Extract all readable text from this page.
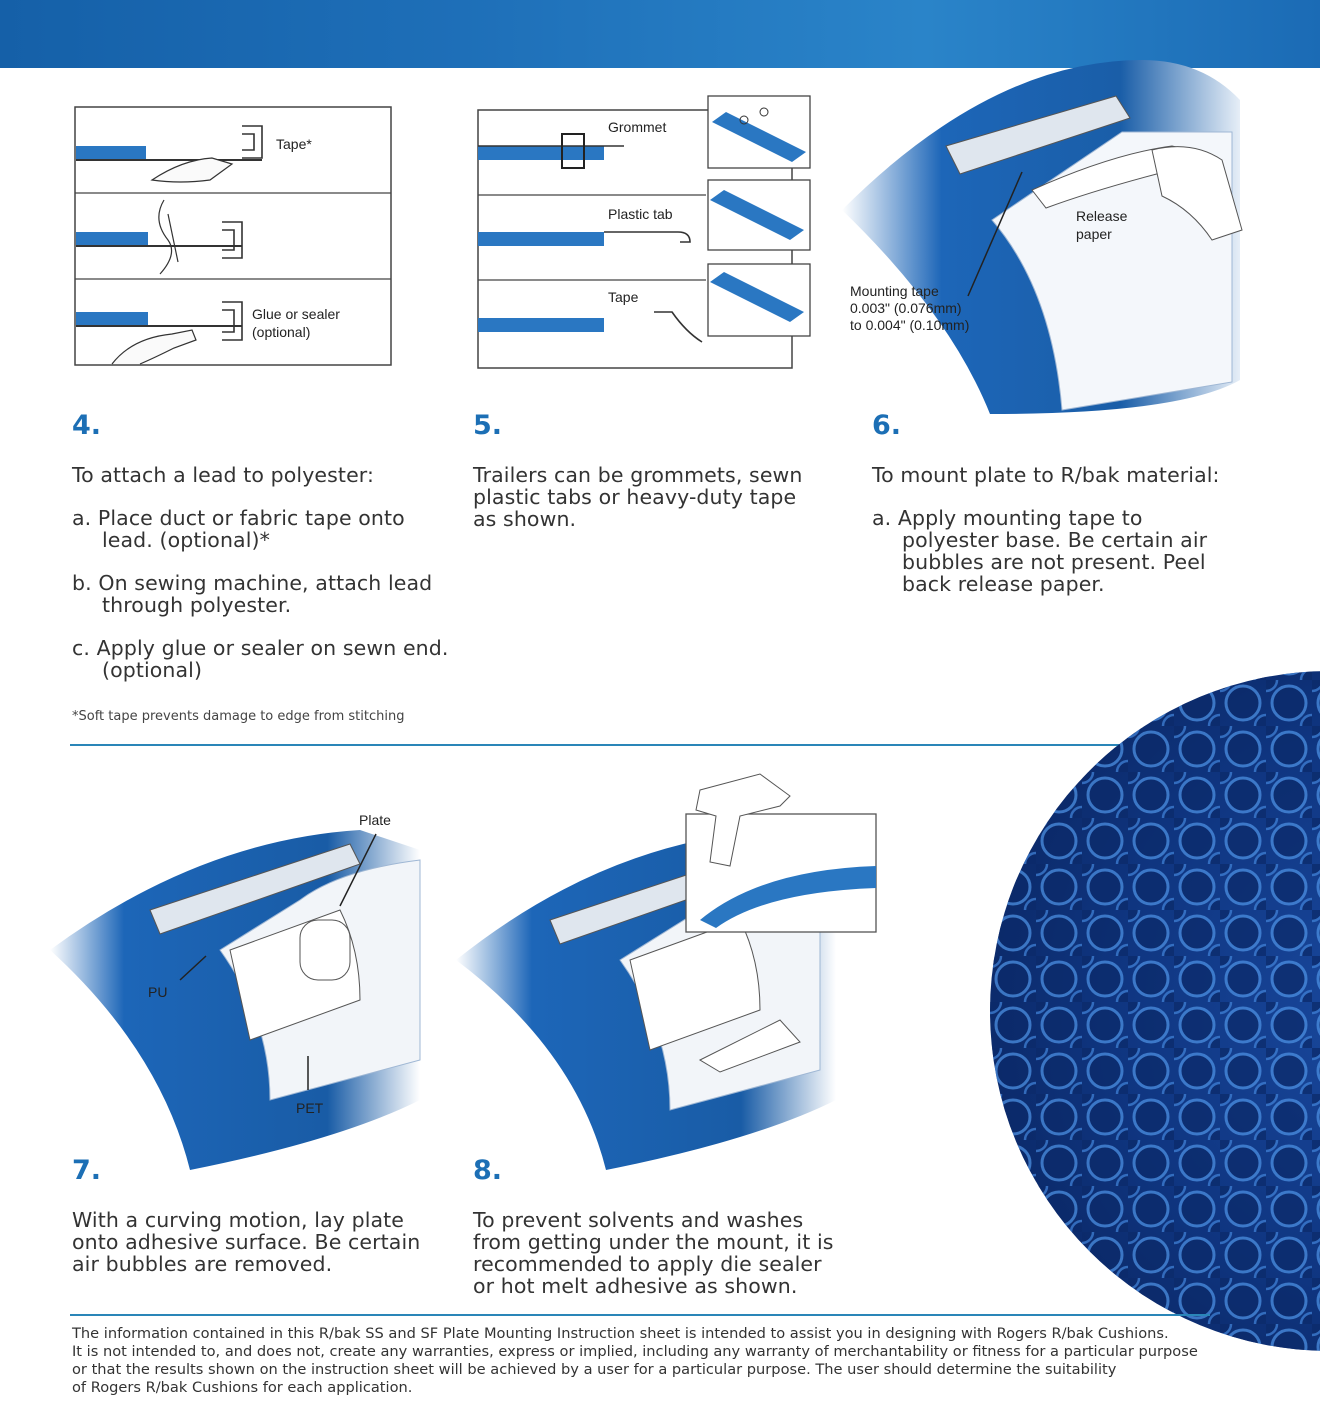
Tape*
Glue or sealer
(optional)
Grommet
Plastic tab
Tape
Release
paper
Mounting tape
0.003" (0.076mm)
to 0.004" (0.10mm)
4.

To attach a lead to polyester:

a. Place duct or fabric tape onto lead. (optional)*

b. On sewing machine, attach lead through polyester.

c. Apply glue or sealer on sewn end. (optional)

*Soft tape prevents damage to edge from stitching
5.

Trailers can be grommets, sewn plastic tabs or heavy-duty tape as shown.

6.

To mount plate to R/bak material:

a. Apply mounting tape to polyester base. Be certain air bubbles are not present. Peel back release paper.

Plate
PU
PET
7.

With a curving motion, lay plate onto adhesive surface. Be certain air bubbles are removed.

8.

To prevent solvents and washes from getting under the mount, it is recommended to apply die sealer or hot melt adhesive as shown.

The information contained in this R/bak SS and SF Plate Mounting Instruction sheet is intended to assist you in designing with Rogers R/bak Cushions.
It is not intended to, and does not, create any warranties, express or implied, including any warranty of merchantability or fitness for a particular purpose
or that the results shown on the instruction sheet will be achieved by a user for a particular purpose. The user should determine the suitability
of Rogers R/bak Cushions for each application.
